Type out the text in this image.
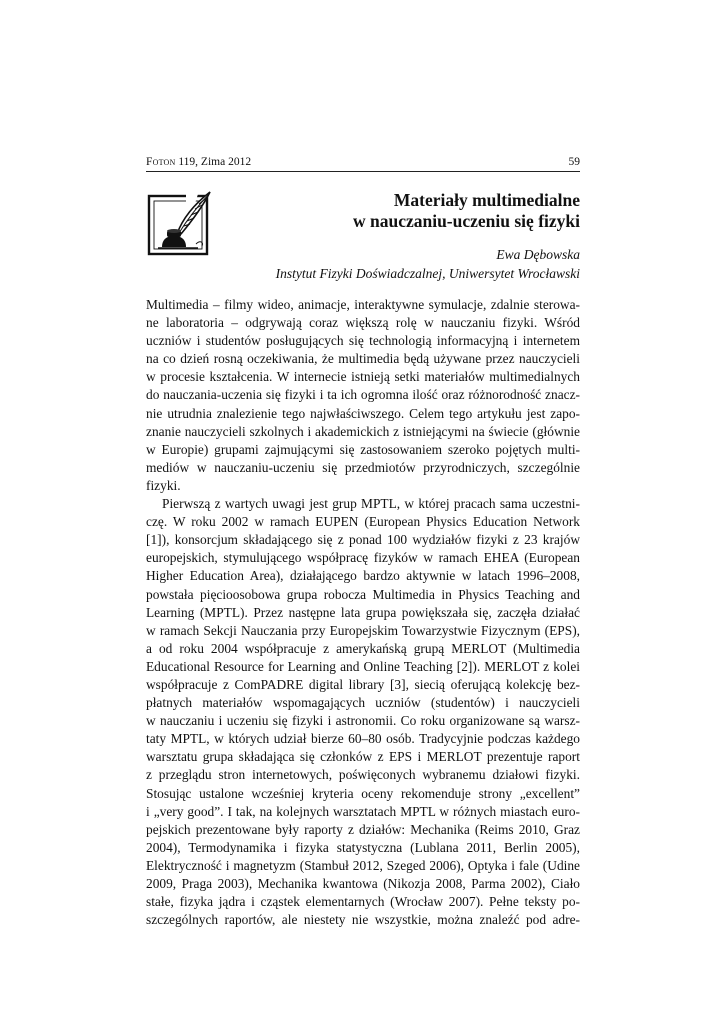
Foton 119, Zima 2012	59

Materiały multimedialne
w nauczaniu-uczeniu się fizyki

Ewa Dębowska

Instytut Fizyki Doświadczalnej, Uniwersytet Wrocławski

Multimedia – filmy wideo, animacje, interaktywne symulacje, zdalnie sterowa-
ne laboratoria – odgrywają coraz większą rolę w nauczaniu fizyki. Wśród
uczniów i studentów posługujących się technologią informacyjną i internetem
na co dzień rosną oczekiwania, że multimedia będą używane przez nauczycieli
w procesie kształcenia. W internecie istnieją setki materiałów multimedialnych
do nauczania-uczenia się fizyki i ta ich ogromna ilość oraz różnorodność znacz-
nie utrudnia znalezienie tego najwłaściwszego. Celem tego artykułu jest zapo-
znanie nauczycieli szkolnych i akademickich z istniejącymi na świecie (głównie
w Europie) grupami zajmującymi się zastosowaniem szeroko pojętych multi-
mediów w nauczaniu-uczeniu się przedmiotów przyrodniczych, szczególnie
fizyki.
Pierwszą z wartych uwagi jest grup MPTL, w której pracach sama uczestni-
czę. W roku 2002 w ramach EUPEN (European Physics Education Network
[1]), konsorcjum składającego się z ponad 100 wydziałów fizyki z 23 krajów
europejskich, stymulującego współpracę fizyków w ramach EHEA (European
Higher Education Area), działającego bardzo aktywnie w latach 1996–2008,
powstała pięcioosobowa grupa robocza Multimedia in Physics Teaching and
Learning (MPTL). Przez następne lata grupa powiększała się, zaczęła działać
w ramach Sekcji Nauczania przy Europejskim Towarzystwie Fizycznym (EPS),
a od roku 2004 współpracuje z amerykańską grupą MERLOT (Multimedia
Educational Resource for Learning and Online Teaching [2]). MERLOT z kolei
współpracuje z ComPADRE digital library [3], siecią oferującą kolekcję bez-
płatnych materiałów wspomagających uczniów (studentów) i nauczycieli
w nauczaniu i uczeniu się fizyki i astronomii. Co roku organizowane są warsz-
taty MPTL, w których udział bierze 60–80 osób. Tradycyjnie podczas każdego
warsztatu grupa składająca się członków z EPS i MERLOT prezentuje raport
z przeglądu stron internetowych, poświęconych wybranemu działowi fizyki.
Stosując ustalone wcześniej kryteria oceny rekomenduje strony „excellent”
i „very good”. I tak, na kolejnych warsztatach MPTL w różnych miastach euro-
pejskich prezentowane były raporty z działów: Mechanika (Reims 2010, Graz
2004), Termodynamika i fizyka statystyczna (Lublana 2011, Berlin 2005),
Elektryczność i magnetyzm (Stambuł 2012, Szeged 2006), Optyka i fale (Udine
2009, Praga 2003), Mechanika kwantowa (Nikozja 2008, Parma 2002), Ciało
stałe, fizyka jądra i cząstek elementarnych (Wrocław 2007). Pełne teksty po-
szczególnych raportów, ale niestety nie wszystkie, można znaleźć pod adre-
